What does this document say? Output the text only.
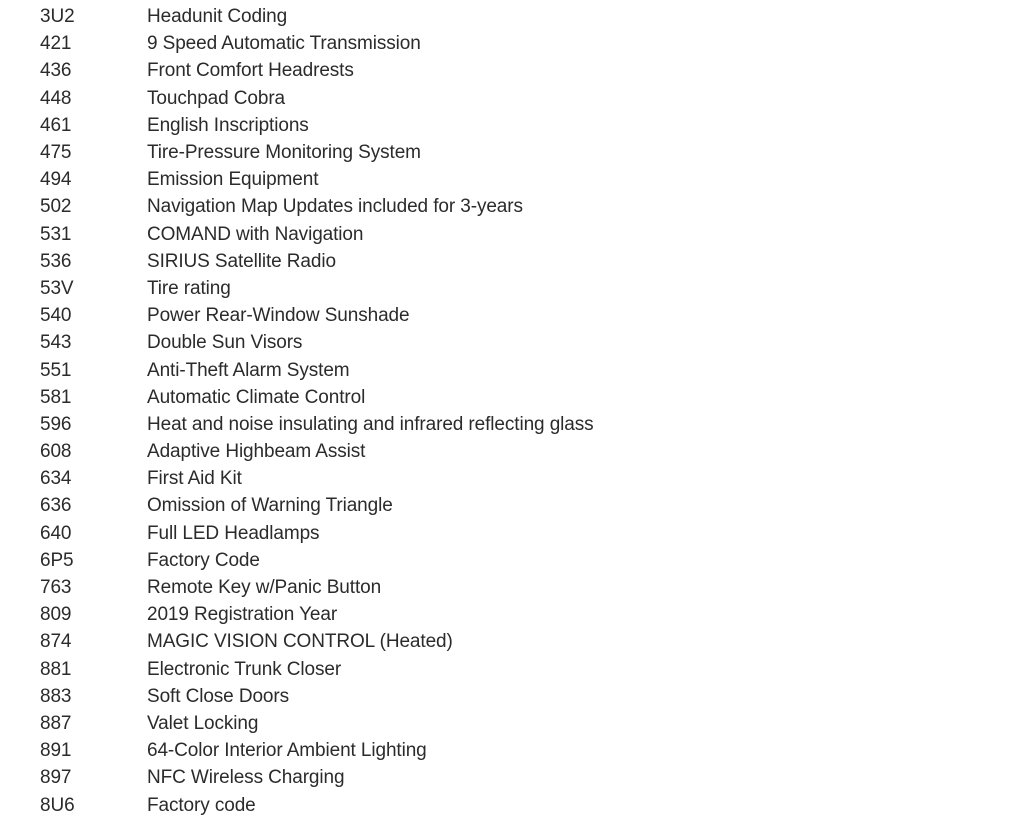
3U2	Headunit Coding
421	9 Speed Automatic Transmission
436	Front Comfort Headrests
448	Touchpad Cobra
461	English Inscriptions
475	Tire-Pressure Monitoring System
494	Emission Equipment
502	Navigation Map Updates included for 3-years
531	COMAND with Navigation
536	SIRIUS Satellite Radio
53V	Tire rating
540	Power Rear-Window Sunshade
543	Double Sun Visors
551	Anti-Theft Alarm System
581	Automatic Climate Control
596	Heat and noise insulating and infrared reflecting glass
608	Adaptive Highbeam Assist
634	First Aid Kit
636	Omission of Warning Triangle
640	Full LED Headlamps
6P5	Factory Code
763	Remote Key w/Panic Button
809	2019 Registration Year
874	MAGIC VISION CONTROL (Heated)
881	Electronic Trunk Closer
883	Soft Close Doors
887	Valet Locking
891	64-Color Interior Ambient Lighting
897	NFC Wireless Charging
8U6	Factory code
